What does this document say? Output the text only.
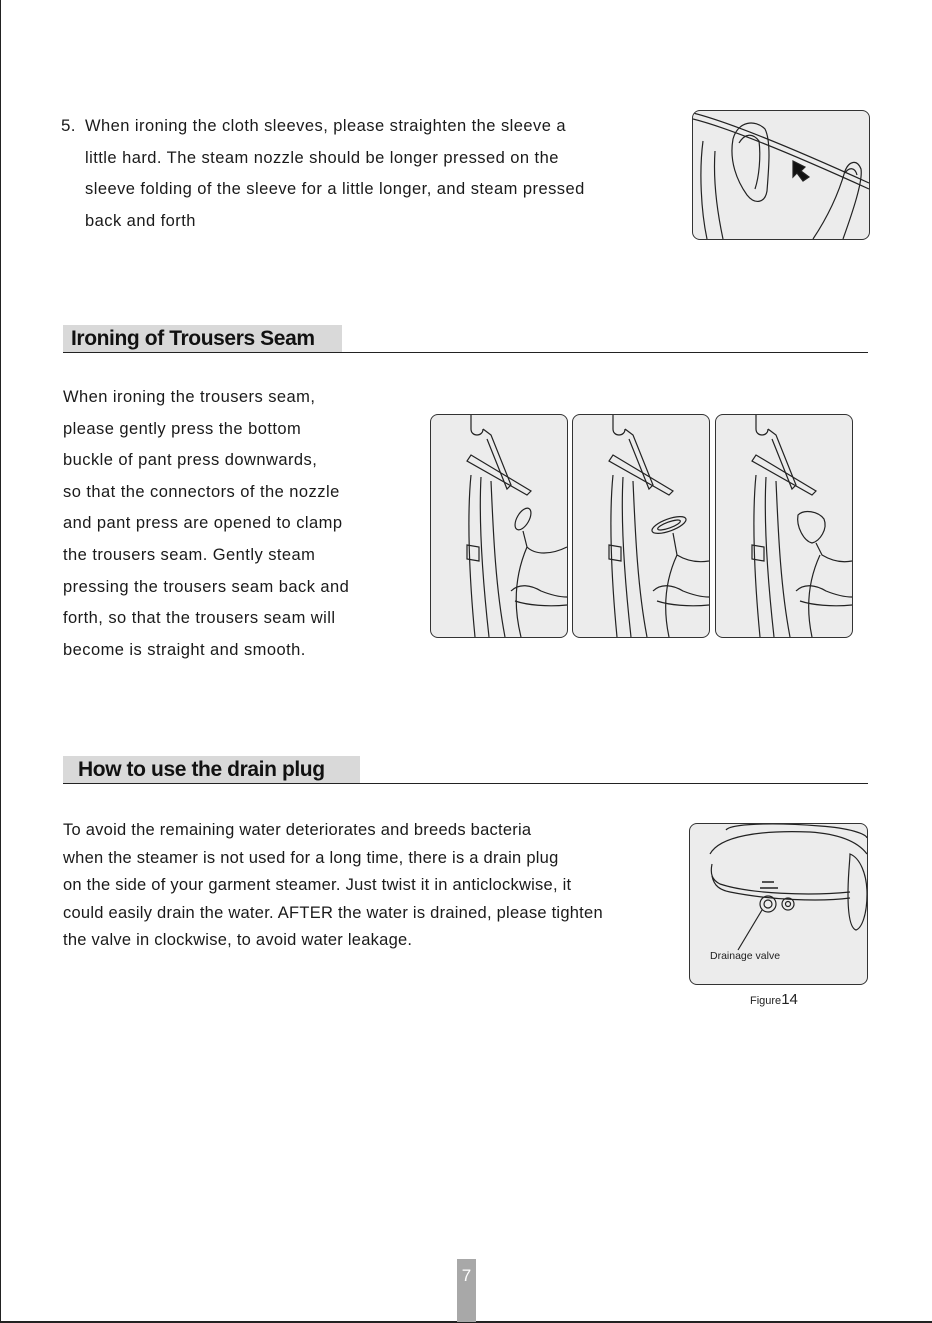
5. When ironing the cloth sleeves, please straighten the sleeve a
little hard. The steam nozzle should be longer pressed on the
sleeve folding of the sleeve for a little longer, and steam pressed
back and forth
Ironing of Trousers Seam
When ironing the trousers seam,
please gently press the bottom
buckle of pant press downwards,
so that the connectors of the nozzle
and pant press are opened to clamp
the trousers seam. Gently steam
pressing the trousers seam back and
forth, so that the trousers seam will
become is straight and smooth.
How to use the drain plug
To avoid the remaining water deteriorates and breeds bacteria
when the steamer is not used for a long time, there is a drain plug
on the side of your garment steamer. Just twist it in anticlockwise, it
could easily drain the water. AFTER the water is drained, please tighten
the valve in clockwise, to avoid water leakage.
Drainage valve
Figure14
7
